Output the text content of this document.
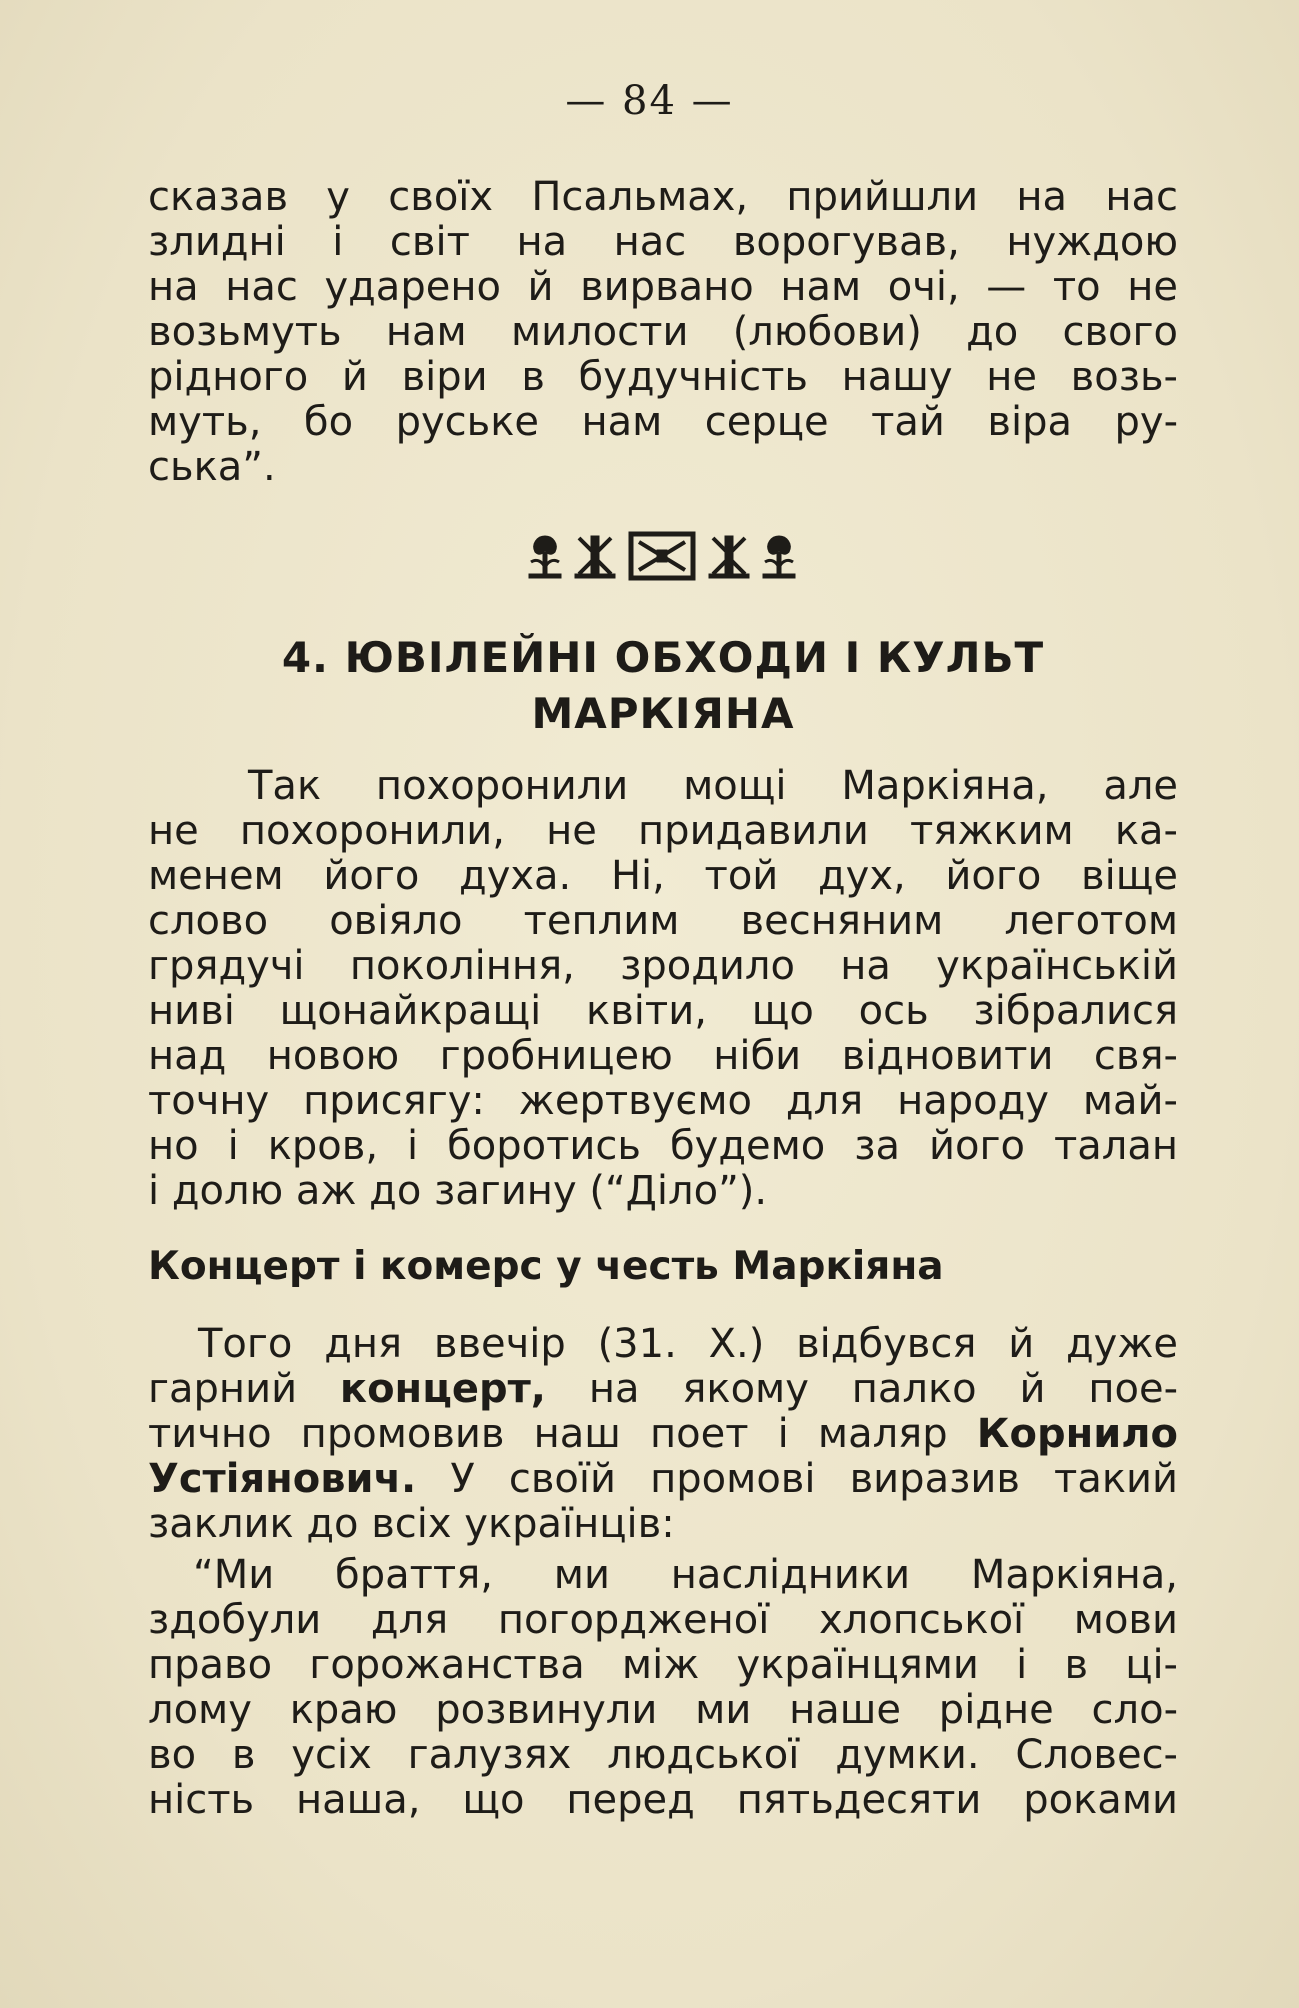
— 84 —
сказав у своїх Псальмах, прийшли на нас
злидні і світ на нас ворогував, нуждою
на нас ударено й вирвано нам очі, — то не
возьмуть нам милости (любови) до свого
рідного й віри в будучність нашу не возь-
муть, бо руське нам серце тай віра ру-
ська”.
4. ЮВІЛЕЙНІ ОБХОДИ І КУЛЬТ
МАРКІЯНА
Так похоронили мощі Маркіяна, але
не похоронили, не придавили тяжким ка-
менем його духа. Ні, той дух, його віще
слово овіяло теплим весняним леготом
грядучі покоління, зродило на українській
ниві щонайкращі квіти, що ось зібралися
над новою гробницею ніби відновити свя-
точну присягу: жертвуємо для народу май-
но і кров, і боротись будемо за його талан
і долю аж до загину (“Діло”).
Концерт і комерс у честь Маркіяна
Того дня ввечір (31. X.) відбувся й дуже
гарний концерт, на якому палко й пое-
тично промовив наш поет і маляр Корнило
Устіянович. У своїй промові виразив такий
заклик до всіх українців:
“Ми браття, ми наслідники Маркіяна,
здобули для погордженої хлопської мови
право горожанства між українцями і в ці-
лому краю розвинули ми наше рідне сло-
во в усіх галузях людської думки. Словес-
ність наша, що перед пятьдесяти роками
